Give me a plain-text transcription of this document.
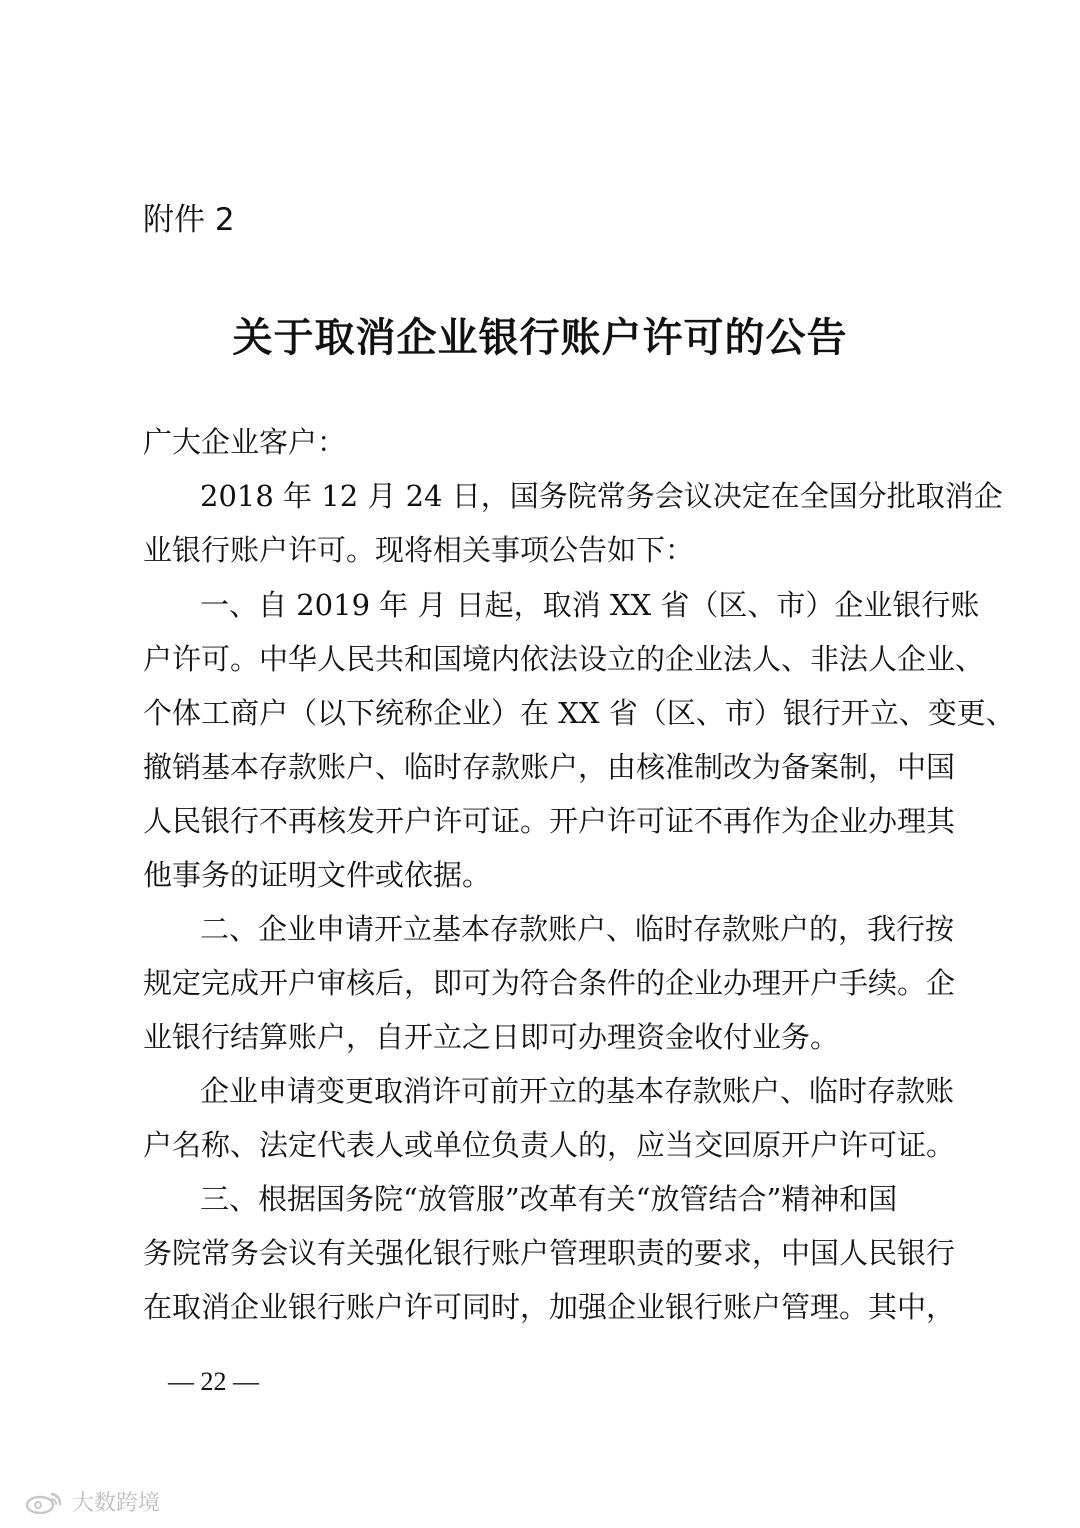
附件 2
关于取消企业银行账户许可的公告
广大企业客户：
2018 年 12 月 24 日，国务院常务会议决定在全国分批取消企
业银行账户许可。现将相关事项公告如下：
一、自 2019 年 月 日起，取消 XX 省（区、市）企业银行账
户许可。中华人民共和国境内依法设立的企业法人、非法人企业、
个体工商户（以下统称企业）在 XX 省（区、市）银行开立、变更、
撤销基本存款账户、临时存款账户，由核准制改为备案制，中国
人民银行不再核发开户许可证。开户许可证不再作为企业办理其
他事务的证明文件或依据。
二、企业申请开立基本存款账户、临时存款账户的，我行按
规定完成开户审核后，即可为符合条件的企业办理开户手续。企
业银行结算账户，自开立之日即可办理资金收付业务。
企业申请变更取消许可前开立的基本存款账户、临时存款账
户名称、法定代表人或单位负责人的，应当交回原开户许可证。
三、根据国务院“放管服”改革有关“放管结合”精神和国
务院常务会议有关强化银行账户管理职责的要求，中国人民银行
在取消企业银行账户许可同时，加强企业银行账户管理。其中，
— 22 —
大数跨境
